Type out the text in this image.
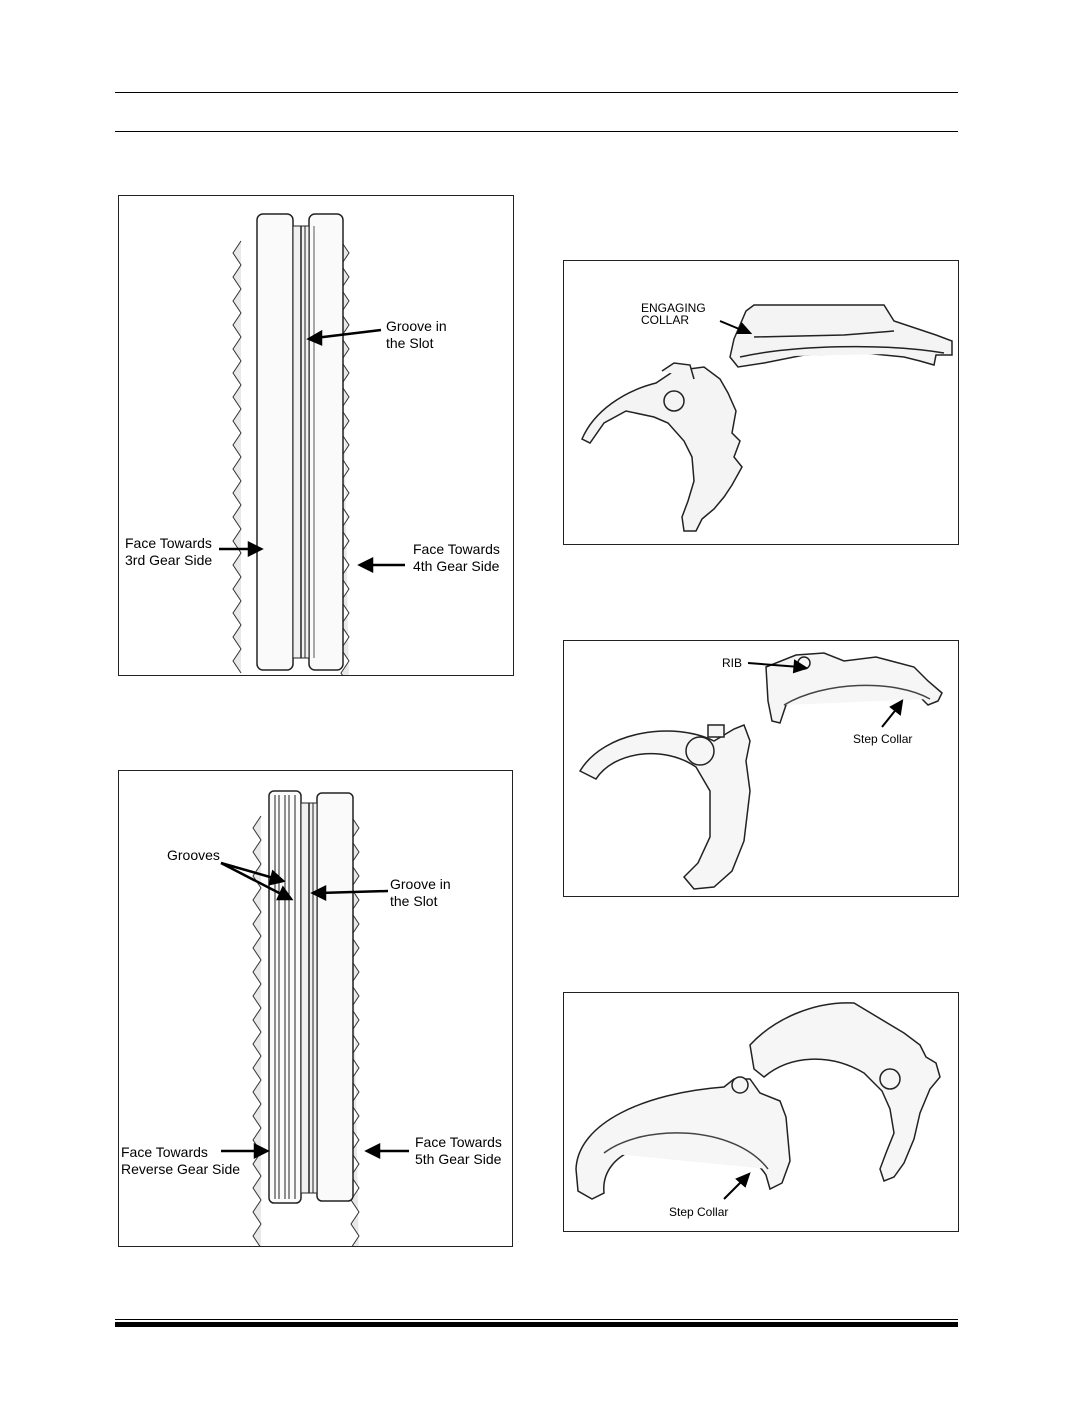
Groove in
the Slot
Face Towards
3rd Gear Side
Face Towards
4th Gear Side
Grooves
Groove in
the Slot
Face Towards
Reverse Gear Side
Face Towards
5th Gear Side
ENGAGING
COLLAR
RIB
Step Collar
Step Collar
